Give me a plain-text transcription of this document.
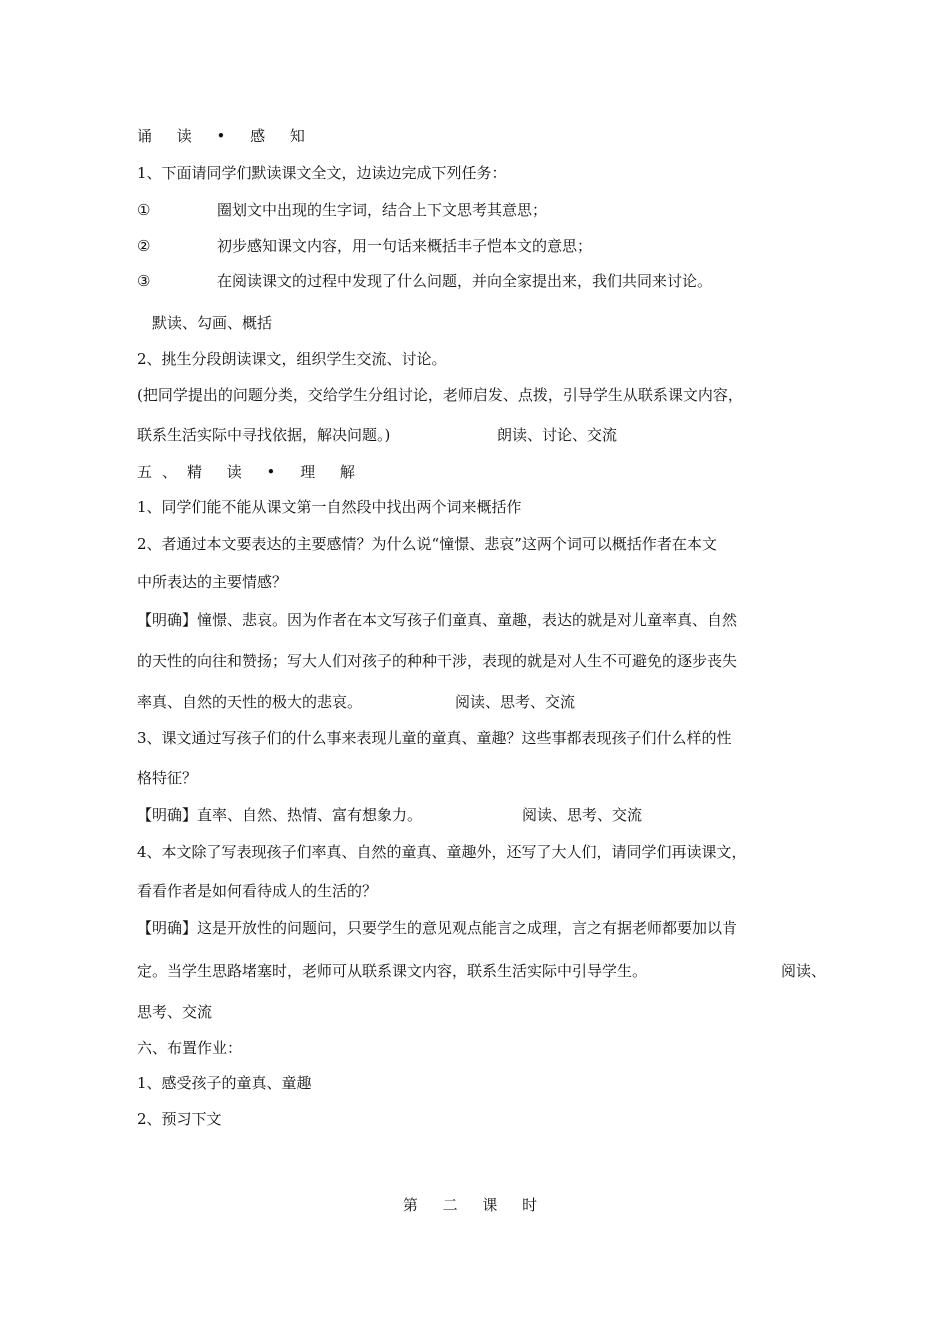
诵 读 • 感 知
1、下面请同学们默读课文全文，边读边完成下列任务：
①	圈划文中出现的生字词，结合上下文思考其意思；
②	初步感知课文内容，用一句话来概括丰子恺本文的意思；
③	在阅读课文的过程中发现了什么问题，并向全家提出来，我们共同来讨论。
默读、勾画、概括
2、挑生分段朗读课文，组织学生交流、讨论。
(把同学提出的问题分类，交给学生分组讨论，老师启发、点拨，引导学生从联系课文内容，
联系生活实际中寻找依据，解决问题。)	朗读、讨论、交流
五、精 读 • 理 解
1、同学们能不能从课文第一自然段中找出两个词来概括作
2、者通过本文要表达的主要感情？为什么说“憧憬、悲哀”这两个词可以概括作者在本文
中所表达的主要情感？
【明确】憧憬、悲哀。因为作者在本文写孩子们童真、童趣，表达的就是对儿童率真、自然
的天性的向往和赞扬；写大人们对孩子的种种干涉，表现的就是对人生不可避免的逐步丧失
率真、自然的天性的极大的悲哀。	阅读、思考、交流
3、课文通过写孩子们的什么事来表现儿童的童真、童趣？这些事都表现孩子们什么样的性
格特征？
【明确】直率、自然、热情、富有想象力。	阅读、思考、交流
4、本文除了写表现孩子们率真、自然的童真、童趣外，还写了大人们，请同学们再读课文，
看看作者是如何看待成人的生活的？
【明确】这是开放性的问题问，只要学生的意见观点能言之成理，言之有据老师都要加以肯
定。当学生思路堵塞时，老师可从联系课文内容，联系生活实际中引导学生。	阅读、
思考、交流
六、布置作业：
1、感受孩子的童真、童趣
2、预习下文
第 二 课 时
